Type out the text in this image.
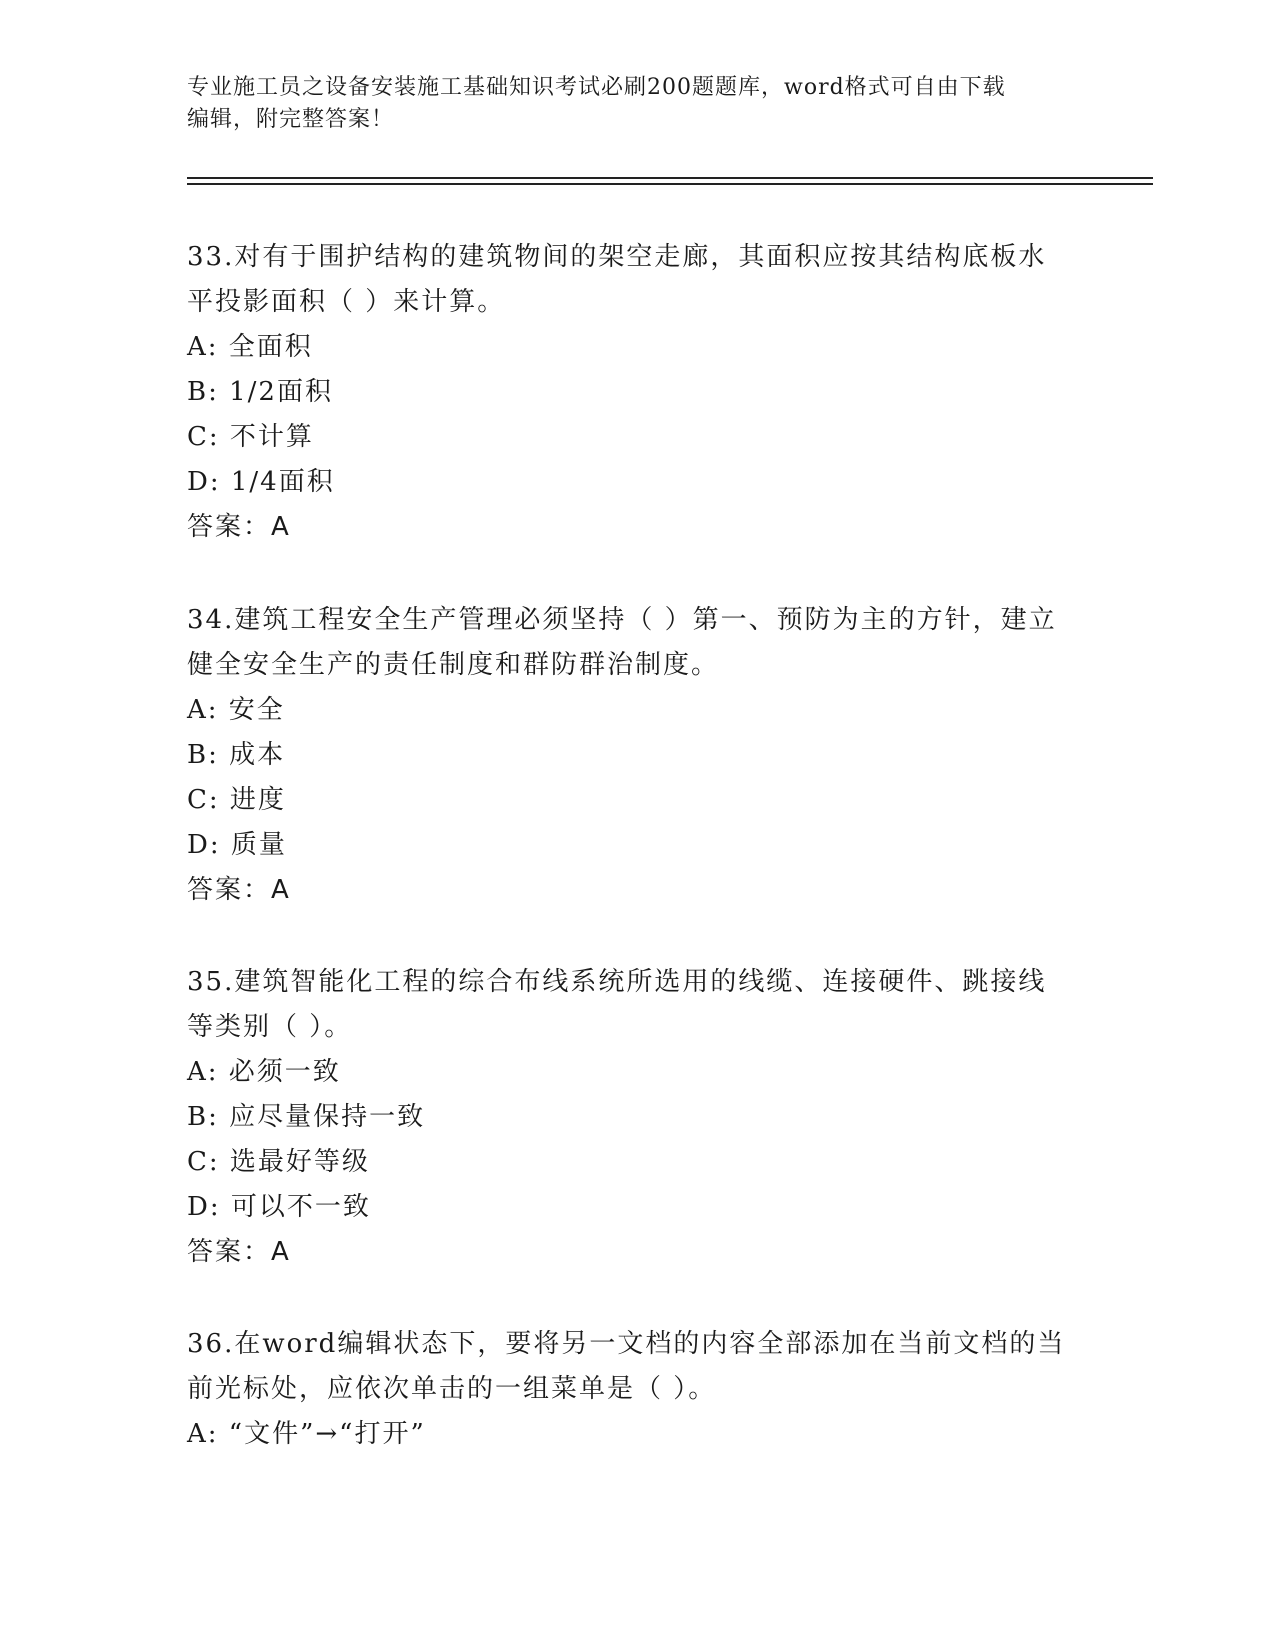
专业施工员之设备安装施工基础知识考试必刷200题题库，word格式可自由下载
编辑，附完整答案！

33.对有于围护结构的建筑物间的架空走廊，其面积应按其结构底板水平投影面积（ ）来计算。

A: 全面积

B: 1/2面积

C: 不计算

D: 1/4面积

答案：A

34.建筑工程安全生产管理必须坚持（ ）第一、预防为主的方针，建立健全安全生产的责任制度和群防群治制度。

A: 安全

B: 成本

C: 进度

D: 质量

答案：A

35.建筑智能化工程的综合布线系统所选用的线缆、连接硬件、跳接线等类别（ ）。

A: 必须一致

B: 应尽量保持一致

C: 选最好等级

D: 可以不一致

答案：A

36.在word编辑状态下，要将另一文档的内容全部添加在当前文档的当前光标处，应依次单击的一组菜单是（ ）。

A: “文件”→“打开”
